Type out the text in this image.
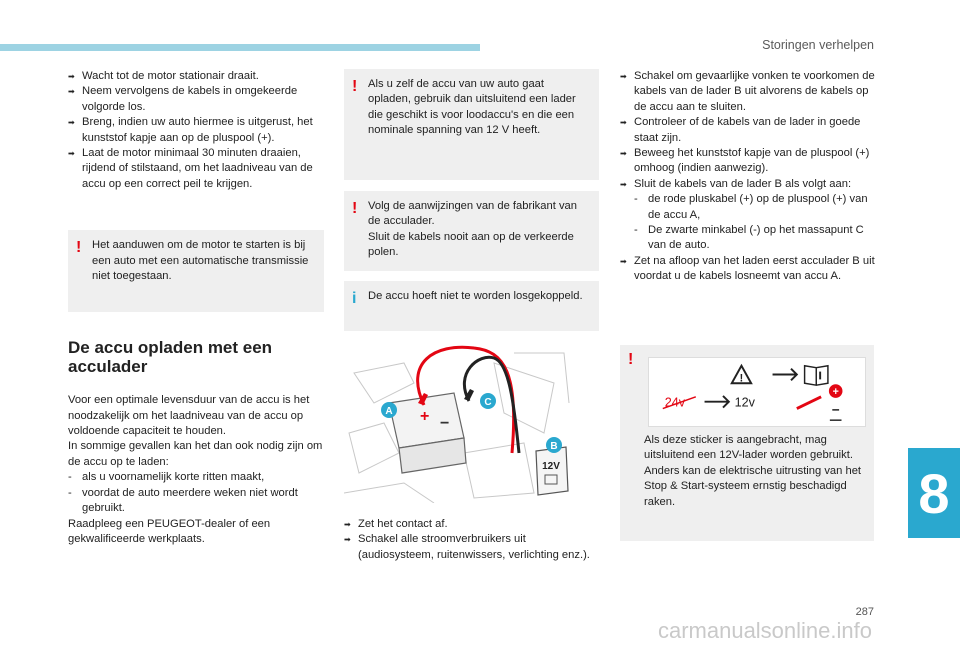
Storingen verhelpen
8
287
carmanualsonline.info
➡ Wacht tot de motor stationair draait.
➡ Neem vervolgens de kabels in omgekeerde volgorde los.
➡ Breng, indien uw auto hiermee is uitgerust, het kunststof kapje aan op de pluspool (+).
➡ Laat de motor minimaal 30 minuten draaien, rijdend of stilstaand, om het laadniveau van de accu op een correct peil te krijgen.
! Het aanduwen om de motor te starten is bij een auto met een automatische transmissie niet toegestaan.
De accu opladen met een acculader

Voor een optimale levensduur van de accu is het noodzakelijk om het laadniveau van de accu op voldoende capaciteit te houden.

In sommige gevallen kan het dan ook nodig zijn om de accu op te laden:

- als u voornamelijk korte ritten maakt,
- voordat de auto meerdere weken niet wordt gebruikt.

Raadpleeg een PEUGEOT-dealer of een gekwalificeerde werkplaats.

! Als u zelf de accu van uw auto gaat opladen, gebruik dan uitsluitend een lader die geschikt is voor loodaccu's en die een nominale spanning van 12 V heeft.
! Volg de aanwijzingen van de fabrikant van de acculader.
Sluit de kabels nooit aan op de verkeerde polen.
i De accu hoeft niet te worden losgekoppeld.
+ −
A
C
B
12V
➡ Zet het contact af.
➡ Schakel alle stroomverbruikers uit (audiosysteem, ruitenwissers, verlichting enz.).
➡ Schakel om gevaarlijke vonken te voorkomen de kabels van de lader B uit alvorens de kabels op de accu aan te sluiten.
➡ Controleer of de kabels van de lader in goede staat zijn.
➡ Beweeg het kunststof kapje van de pluspool (+) omhoog (indien aanwezig).
➡ Sluit de kabels van de lader B als volgt aan:
- de rode pluskabel (+) op de pluspool (+) van de accu A,
- De zwarte minkabel (-) op het massapunt C van de auto.
➡ Zet na afloop van het laden eerst acculader B uit voordat u de kabels losneemt van accu A.
!
!
24v	12v
+
−
Als deze sticker is aangebracht, mag uitsluitend een 12V-lader worden gebruikt. Anders kan de elektrische uitrusting van het Stop & Start-systeem ernstig beschadigd raken.
